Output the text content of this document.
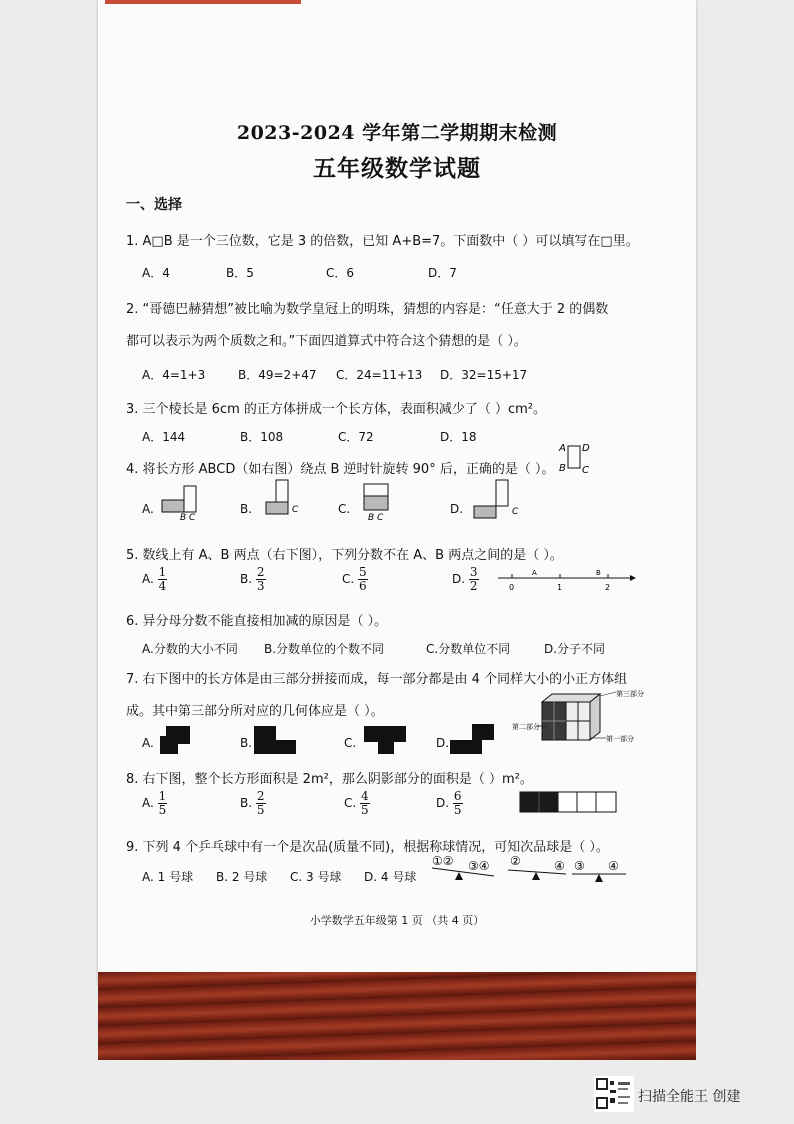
2023-2024 学年第二学期期末检测
五年级数学试题
一、选择
1. A□B 是一个三位数，它是 3 的倍数，已知 A+B=7。下面数中（ ）可以填写在□里。
A．4	B．5	C．6	D．7
2. “哥德巴赫猜想”被比喻为数学皇冠上的明珠，猜想的内容是：“任意大于 2 的偶数
都可以表示为两个质数之和。”下面四道算式中符合这个猜想的是（ ）。
A．4=1+3	B．49=2+47 C．24=11+13 D．32=15+17
3. 三个棱长是 6cm 的正方体拼成一个长方体，表面积减少了（ ）cm²。
A．144	B．108	C．72	D．18
4. 将长方形 ABCD（如右图）绕点 B 逆时针旋转 90° 后，正确的是（ ）。
A D
B C
A.
B C
B.	C	C.
B C
D.	C
5. 数线上有 A、B 两点（右下图），下列分数不在 A、B 两点之间的是（ ）。
A. $\frac{1}{4}$	B. $\frac{2}{3}$	C. $\frac{5}{6}$	D. $\frac{3}{2}$	0	1	2
A	B
6. 异分母分数不能直接相加减的原因是（ ）。
A.分数的大小不同 B.分数单位的个数不同	C.分数单位不同	D.分子不同
7. 右下图中的长方体是由三部分拼接而成，每一部分都是由 4 个同样大小的小正方体组
成。其中第三部分所对应的几何体应是（ ）。
A.	B.	C.	D.
第三部分
第二部分
第一部分
8. 右下图，整个长方形面积是 2m²，那么阴影部分的面积是（ ）m²。
A. $\frac{1}{5}$	B. $\frac{2}{5}$	C. $\frac{4}{5}$	D. $\frac{6}{5}$
9. 下列 4 个乒乓球中有一个是次品(质量不同)，根据称球情况，可知次品球是（ ）。
A. 1 号球 B. 2 号球 C. 3 号球 D. 4 号球
①② ③④ ②	④ ③ ④
小学数学五年级第 1 页 （共 4 页）
扫描全能王 创建
